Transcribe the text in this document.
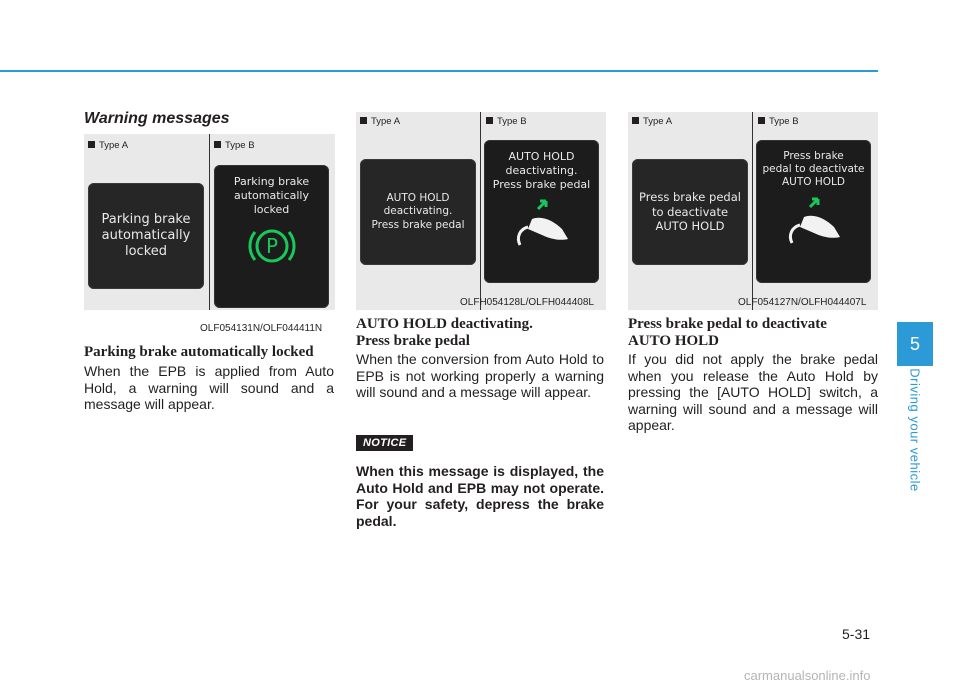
Warning messages
Type A	Type B
Parking brake
automatically
locked
Parking brake
automatically
locked
P
OLF054131N/OLF044411N
Type A	Type B
AUTO HOLD
deactivating.
Press brake pedal
AUTO HOLD
deactivating.
Press brake pedal
OLFH054128L/OLFH044408L
Type A	Type B
Press brake pedal
to deactivate
AUTO HOLD
Press brake
pedal to deactivate
AUTO HOLD
OLF054127N/OLFH044407L
Parking brake automatically locked
When the EPB is applied from Auto Hold, a warning will sound and a message will appear.
AUTO HOLD deactivating.
Press brake pedal
When the conversion from Auto Hold to EPB is not working properly a warning will sound and a message will appear.
NOTICE
When this message is displayed, the Auto Hold and EPB may not operate. For your safety, depress the brake pedal.
Press brake pedal to deactivate
AUTO HOLD
If you did not apply the brake pedal when you release the Auto Hold by pressing the [AUTO HOLD] switch, a warning will sound and a message will appear.
5
Driving your vehicle
5-31
carmanualsonline.info
